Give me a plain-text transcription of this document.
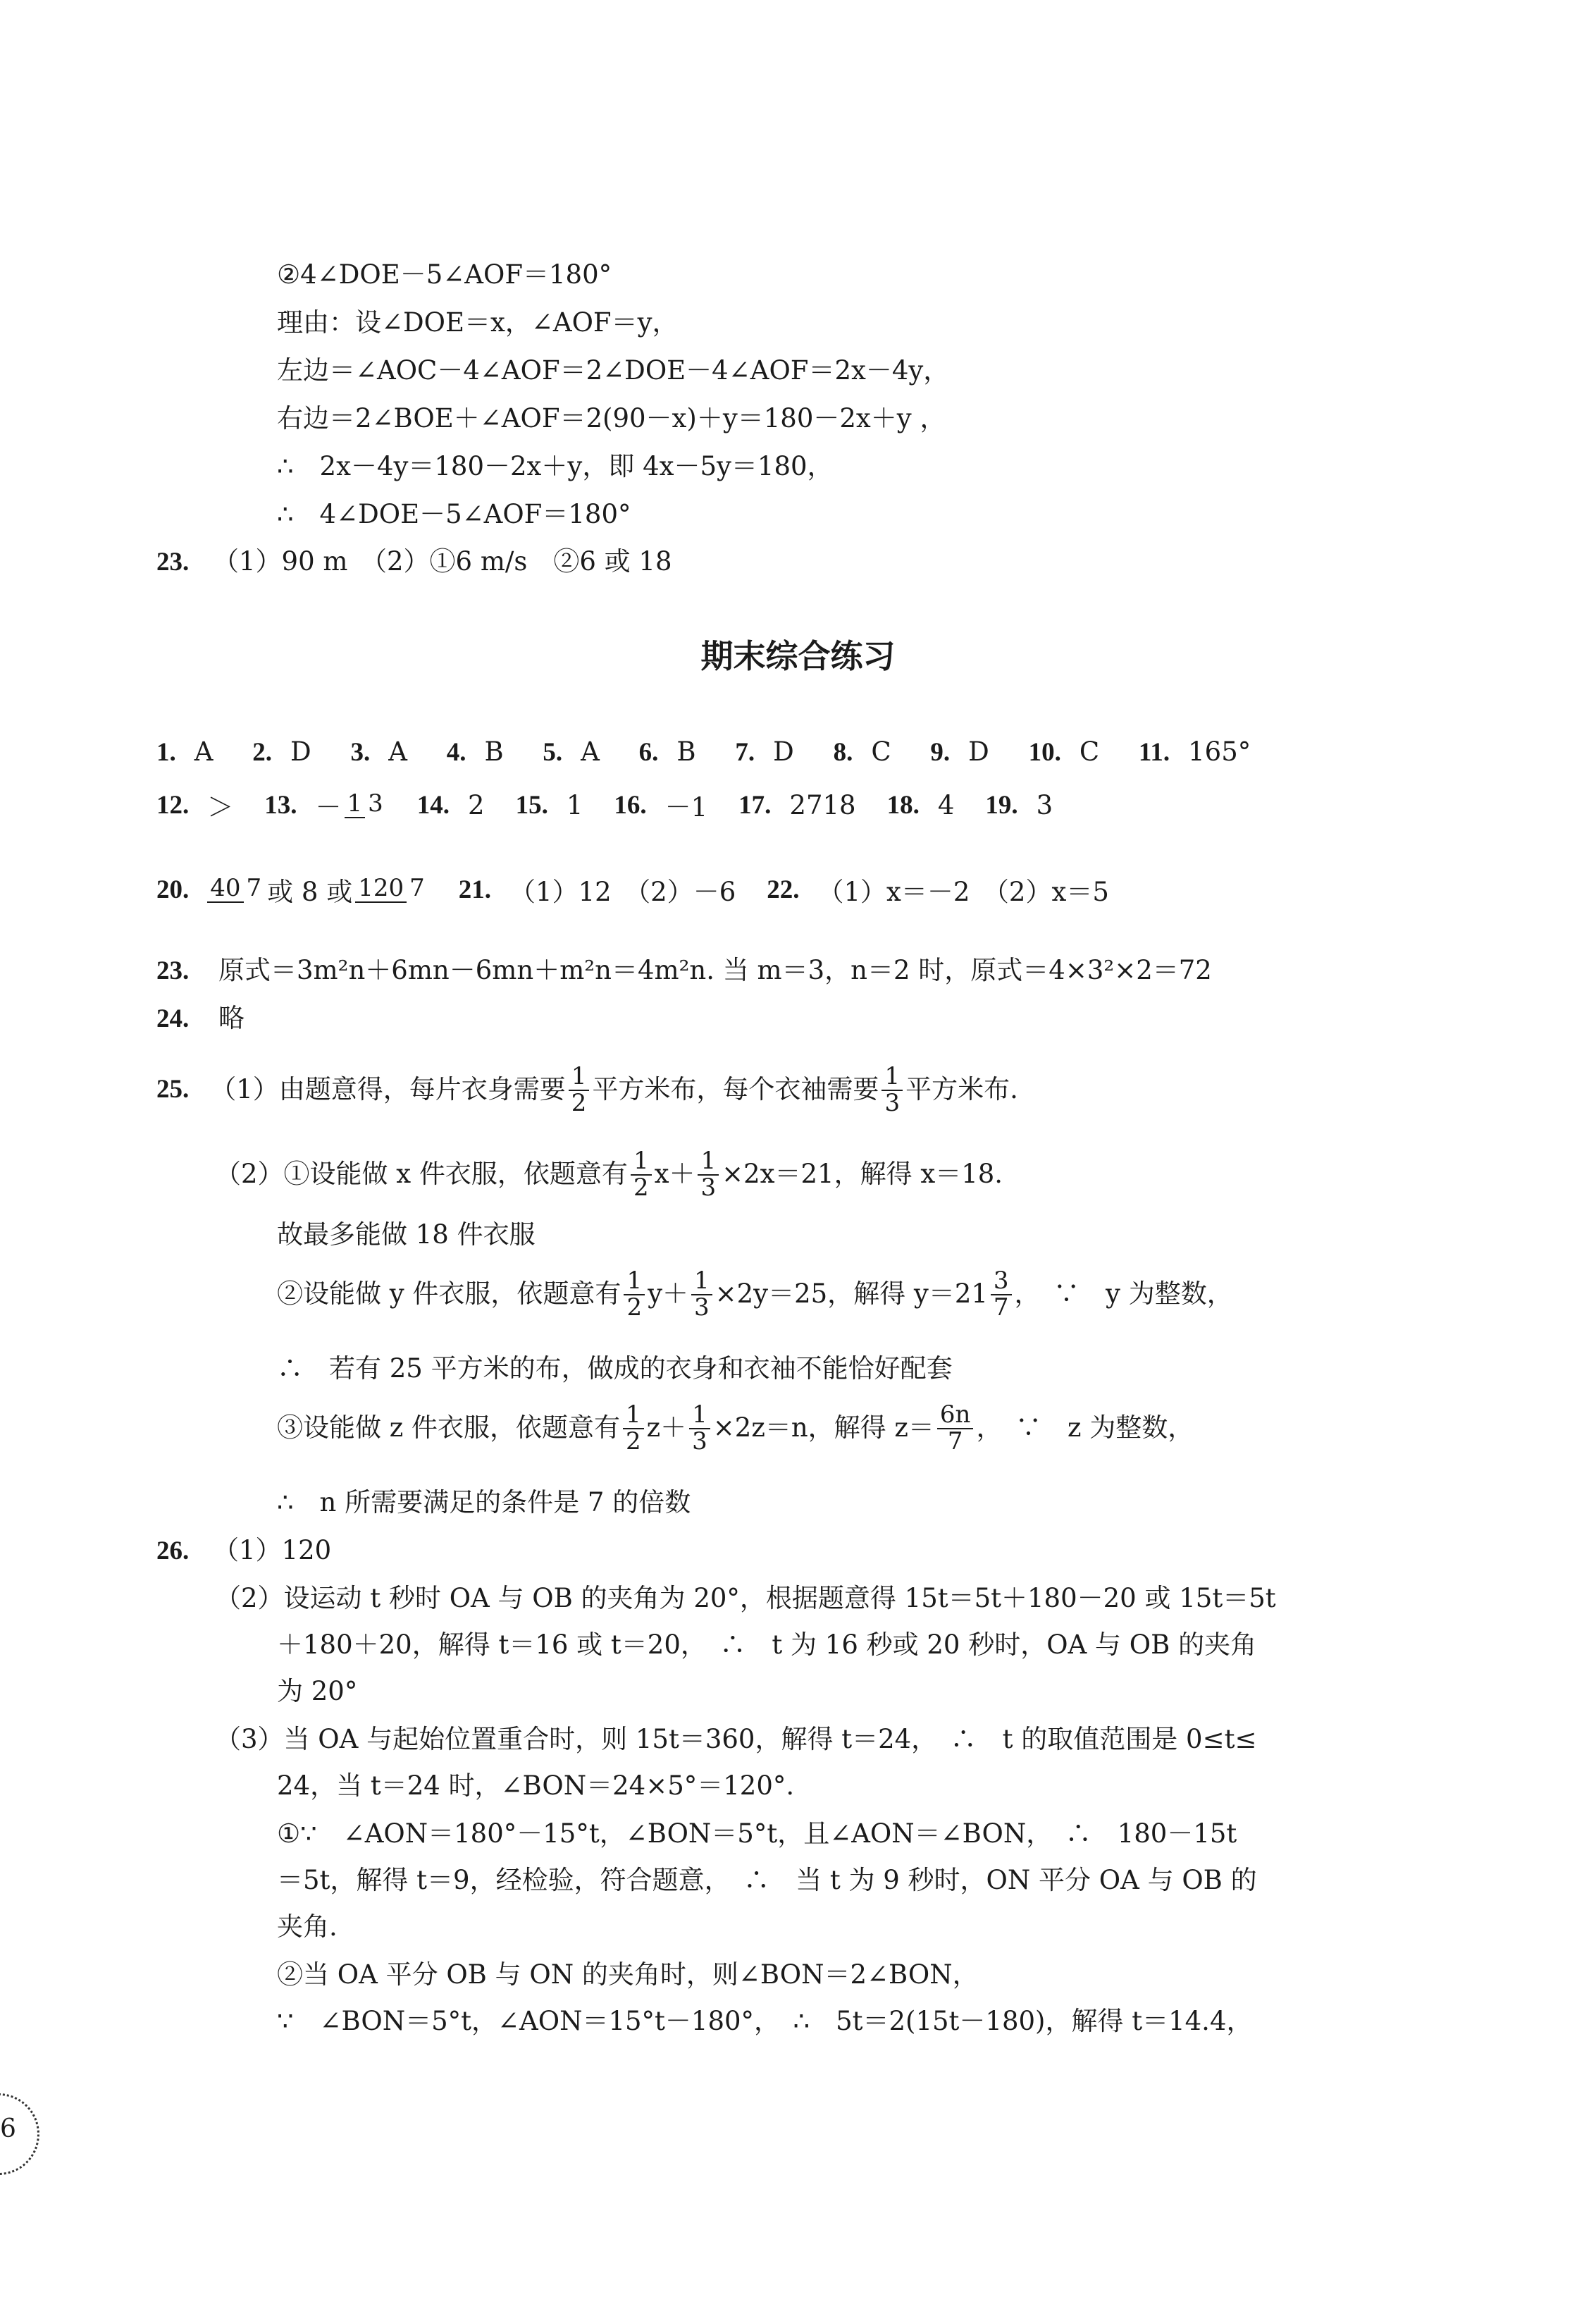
②4∠DOE－5∠AOF＝180°
理由：设∠DOE＝x，∠AOF＝y，
左边＝∠AOC－4∠AOF＝2∠DOE－4∠AOF＝2x－4y，
右边＝2∠BOE＋∠AOF＝2(90－x)＋y＝180－2x＋y ，
∴　2x－4y＝180－2x＋y，即 4x－5y＝180，
∴　4∠DOE－5∠AOF＝180°
23. （1）90 m　（2）①6 m/s　②6 或 18
期末综合练习
1. A 2. D 3. A 4. B 5. A 6. B 7. D 8. C 9. D 10. C 11. 165°
12. ＞ 13. － 1 3 14. 2 15. 1 16. －1 17. 2718 18. 4 19. 3
20. 40 7 或 8 或 120 7 21. （1）12　（2）－6 22. （1）x＝－2　（2）x＝5
23. 原式＝3m²n＋6mn－6mn＋m²n＝4m²n. 当 m＝3，n＝2 时，原式＝4×3²×2＝72
24. 略
25. （1）由题意得，每片衣身需要 $\frac{1}{2}$ 平方米布，每个衣袖需要 $\frac{1}{3}$ 平方米布.
（2）①设能做 x 件衣服，依题意有 $\frac{1}{2} x+ \frac{1}{3} \times 2x=21$，解得 x＝18.
故最多能做 18 件衣服
②设能做 y 件衣服，依题意有 $\frac{1}{2} y+ \frac{1}{3} \times 2y=25$，解得 $y=21 \frac{3}{7}$ ，　∵　y 为整数，
∴　若有 25 平方米的布，做成的衣身和衣袖不能恰好配套
③设能做 z 件衣服，依题意有 $\frac{1}{2} z+ \frac{1}{3} \times 2z=n$，解得 $z= \frac{6n}{7}$ ，　∵　z 为整数，
∴　n 所需要满足的条件是 7 的倍数
26. （1）120
（2）设运动 t 秒时 OA 与 OB 的夹角为 20°，根据题意得 15t＝5t＋180－20 或 15t＝5t
＋180＋20，解得 t＝16 或 t＝20，　∴　t 为 16 秒或 20 秒时，OA 与 OB 的夹角
为 20°
（3）当 OA 与起始位置重合时，则 15t＝360，解得 t＝24，　∴　t 的取值范围是 0≤t≤
24，当 t＝24 时，∠BON＝24×5°＝120°.
①∵　∠AON＝180°－15°t，∠BON＝5°t，且∠AON＝∠BON，　∴　180－15t
＝5t，解得 t＝9，经检验，符合题意，　∴　当 t 为 9 秒时，ON 平分 OA 与 OB 的
夹角.
②当 OA 平分 OB 与 ON 的夹角时，则∠BON＝2∠BON，
∵　∠BON＝5°t，∠AON＝15°t－180°，　∴　5t＝2(15t－180)，解得 t＝14.4，
6
